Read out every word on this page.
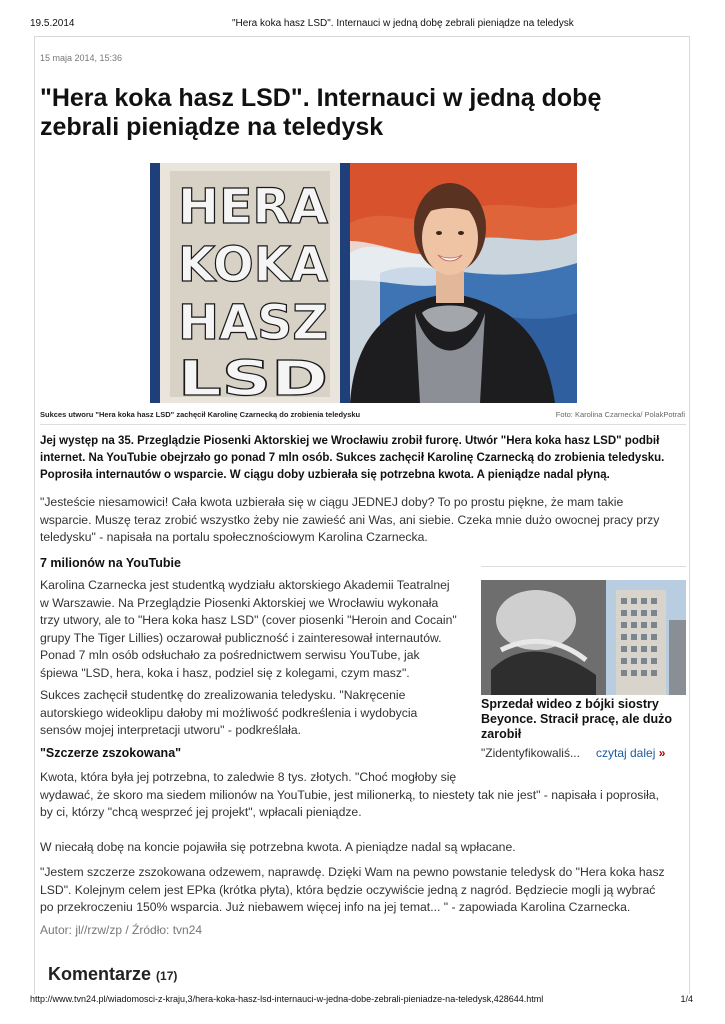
19.5.2014	"Hera koka hasz LSD". Internauci w jedną dobę zebrali pieniądze na teledysk
15 maja 2014, 15:36
"Hera koka hasz LSD". Internauci w jedną dobę
zebrali pieniądze na teledysk
HERA
KOKA
HASZ
LSD
Sukces utworu "Hera koka hasz LSD" zachęcił Karolinę Czarnecką do zrobienia teledysku	Foto: Karolina Czarnecka/ PolakPotrafi
Jej występ na 35. Przeglądzie Piosenki Aktorskiej we Wrocławiu zrobił furorę. Utwór "Hera koka hasz LSD" podbił
internet. Na YouTubie obejrzało go ponad 7 mln osób. Sukces zachęcił Karolinę Czarnecką do zrobienia teledysku.
Poprosiła internautów o wsparcie. W ciągu doby uzbierała się potrzebna kwota. A pieniądze nadal płyną.
"Jesteście niesamowici! Cała kwota uzbierała się w ciągu JEDNEJ doby? To po prostu piękne, że mam takie
wsparcie. Muszę teraz zrobić wszystko żeby nie zawieść ani Was, ani siebie. Czeka mnie dużo owocnej pracy przy
teledysku" - napisała na portalu społecznościowym Karolina Czarnecka.
7 milionów na YouTubie
Karolina Czarnecka jest studentką wydziału aktorskiego Akademii Teatralnej
w Warszawie. Na Przeglądzie Piosenki Aktorskiej we Wrocławiu wykonała
trzy utwory, ale to "Hera koka hasz LSD" (cover piosenki "Heroin and Cocain"
grupy The Tiger Lillies) oczarował publiczność i zainteresował internautów.
Ponad 7 mln osób odsłuchało za pośrednictwem serwisu YouTube, jak
śpiewa "LSD, hera, koka i hasz, podziel się z kolegami, czym masz".
Sukces zachęcił studentkę do zrealizowania teledysku. "Nakręcenie
autorskiego wideoklipu dałoby mi możliwość podkreślenia i wydobycia
sensów mojej interpretacji utworu" - podkreślała.
"Szczerze zszokowana"
Kwota, która była jej potrzebna, to zaledwie 8 tys. złotych. "Choć mogłoby się
wydawać, że skoro ma siedem milionów na YouTubie, jest milionerką, to niestety tak nie jest" - napisała i poprosiła,
by ci, którzy "chcą wesprzeć jej projekt", wpłacali pieniądze.
W niecałą dobę na koncie pojawiła się potrzebna kwota. A pieniądze nadal są wpłacane.
"Jestem szczerze zszokowana odzewem, naprawdę. Dzięki Wam na pewno powstanie teledysk do "Hera koka hasz
LSD". Kolejnym celem jest EPka (krótka płyta), która będzie oczywiście jedną z nagród. Będziecie mogli ją wybrać
po przekroczeniu 150% wsparcia. Już niebawem więcej info na jej temat... " - zapowiada Karolina Czarnecka.
Autor: jl//rzw/zp / Źródło: tvn24
Sprzedał wideo z bójki siostry
Beyonce. Stracił pracę, ale dużo
zarobił
"Zidentyfikowaliś... czytaj dalej »
Komentarze (17)
http://www.tvn24.pl/wiadomosci-z-kraju,3/hera-koka-hasz-lsd-internauci-w-jedna-dobe-zebrali-pieniadze-na-teledysk,428644.html	1/4
